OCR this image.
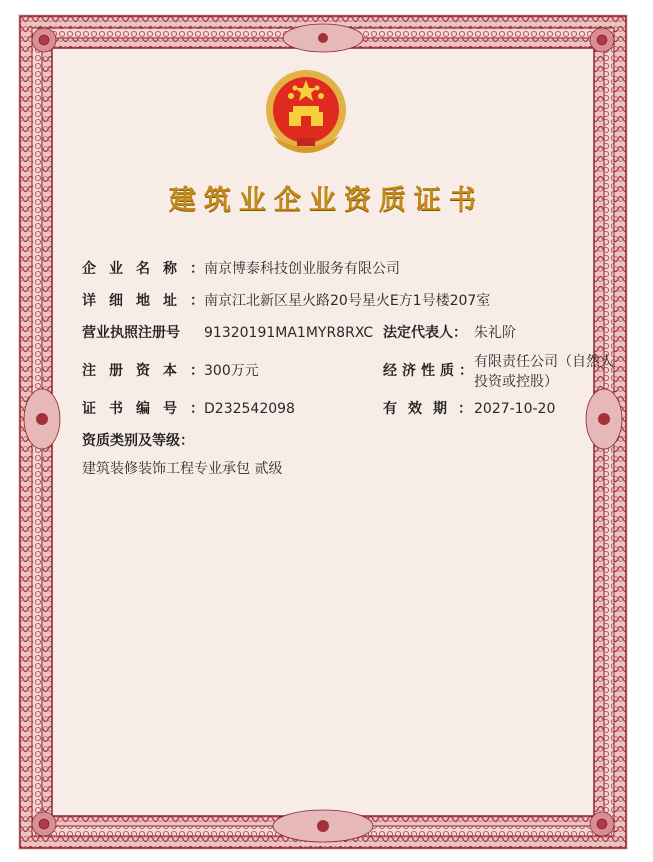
建筑业企业资质证书
企业名称： 南京博泰科技创业服务有限公司
详细地址： 南京江北新区星火路20号星火E方1号楼207室
营业执照注册号 91320191MA1MYR8RXC 法定代表人： 朱礼阶
注册资本： 300万元	经济性质：
有限责任公司（自然人投资或控股）
证书编号： D232542098	有效期： 2027-10-20
资质类别及等级：
建筑装修装饰工程专业承包 贰级
